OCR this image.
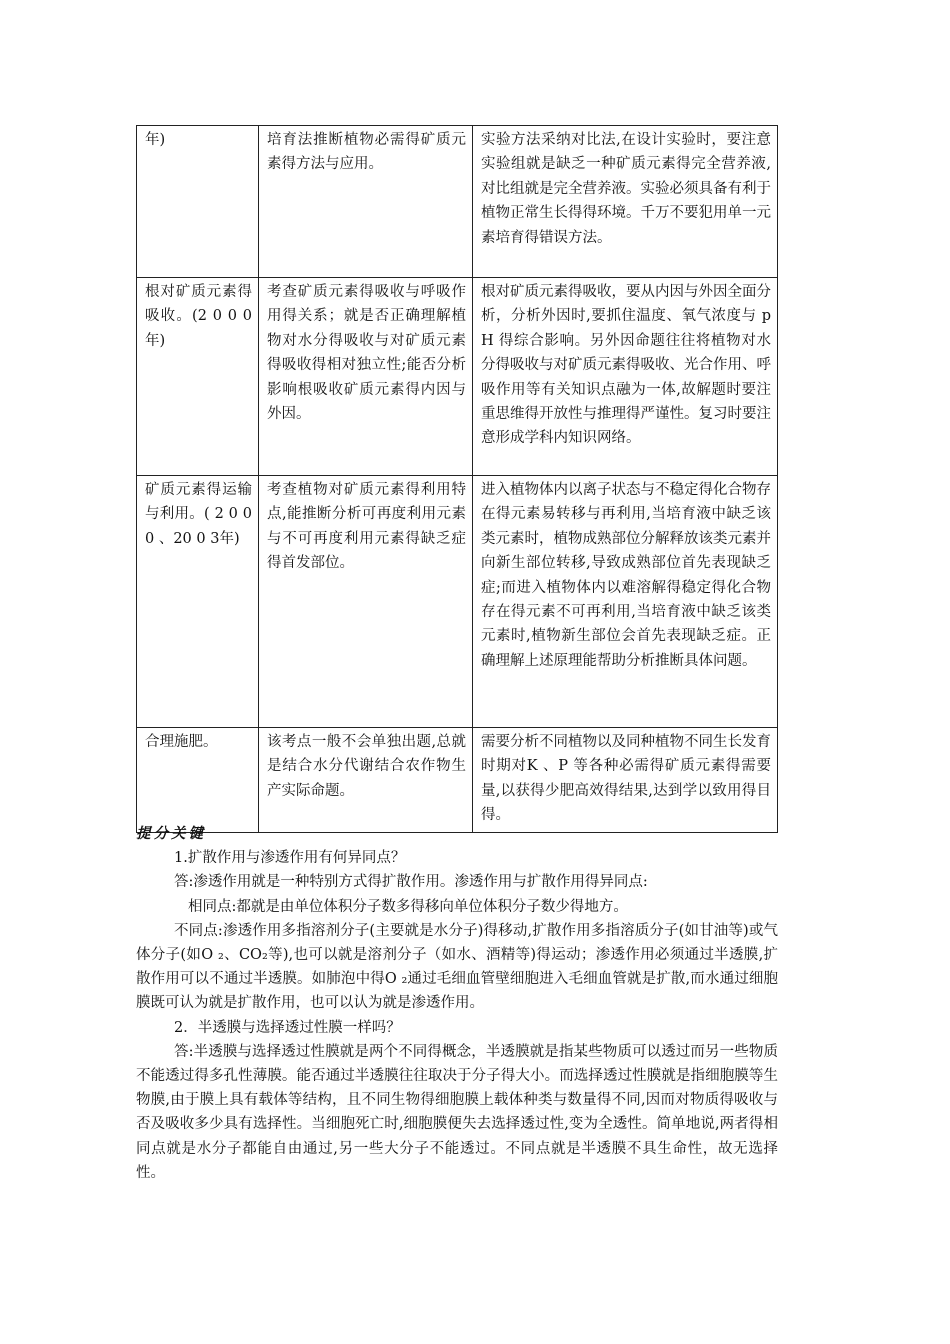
年)	培育法推断植物必需得矿质元素得方法与应用。	实验方法采纳对比法,在设计实验时，要注意实验组就是缺乏一种矿质元素得完全营养液,对比组就是完全营养液。实验必须具备有利于植物正常生长得得环境。千万不要犯用单一元素培育得错误方法。
根对矿质元素得吸收。(2 0 0 0年)	考查矿质元素得吸收与呼吸作用得关系；就是否正确理解植物对水分得吸收与对矿质元素得吸收得相对独立性;能否分析影响根吸收矿质元素得内因与外因。	根对矿质元素得吸收，要从内因与外因全面分析，分析外因时,要抓住温度、氧气浓度与 pH 得综合影响。另外因命题往往将植物对水分得吸收与对矿质元素得吸收、光合作用、呼吸作用等有关知识点融为一体,故解题时要注重思维得开放性与推理得严谨性。复习时要注意形成学科内知识网络。
矿质元素得运输与利用。( 2 0 0 0 、20 0 3年)	考查植物对矿质元素得利用特点,能推断分析可再度利用元素与不可再度利用元素得缺乏症得首发部位。	进入植物体内以离子状态与不稳定得化合物存在得元素易转移与再利用,当培育液中缺乏该类元素时，植物成熟部位分解释放该类元素并向新生部位转移,导致成熟部位首先表现缺乏症;而进入植物体内以难溶解得稳定得化合物存在得元素不可再利用,当培育液中缺乏该类元素时,植物新生部位会首先表现缺乏症。正确理解上述原理能帮助分析推断具体问题。
合理施肥。	该考点一般不会单独出题,总就是结合水分代谢结合农作物生产实际命题。	需要分析不同植物以及同种植物不同生长发育时期对K 、P 等各种必需得矿质元素得需要量,以获得少肥高效得结果,达到学以致用得目得。

提分关键

1.扩散作用与渗透作用有何异同点？

答:渗透作用就是一种特别方式得扩散作用。渗透作用与扩散作用得异同点:

相同点:都就是由单位体积分子数多得移向单位体积分子数少得地方。

不同点:渗透作用多指溶剂分子(主要就是水分子)得移动,扩散作用多指溶质分子(如甘油等)或气体分子(如O ₂、CO₂等),也可以就是溶剂分子（如水、酒精等)得运动；渗透作用必须通过半透膜,扩散作用可以不通过半透膜。如肺泡中得O ₂通过毛细血管壁细胞进入毛细血管就是扩散,而水通过细胞膜既可认为就是扩散作用，也可以认为就是渗透作用。

2．半透膜与选择透过性膜一样吗？

答:半透膜与选择透过性膜就是两个不同得概念，半透膜就是指某些物质可以透过而另一些物质不能透过得多孔性薄膜。能否通过半透膜往往取决于分子得大小。而选择透过性膜就是指细胞膜等生物膜,由于膜上具有载体等结构，且不同生物得细胞膜上载体种类与数量得不同,因而对物质得吸收与否及吸收多少具有选择性。当细胞死亡时,细胞膜便失去选择透过性,变为全透性。简单地说,两者得相同点就是水分子都能自由通过,另一些大分子不能透过。不同点就是半透膜不具生命性，故无选择性。
